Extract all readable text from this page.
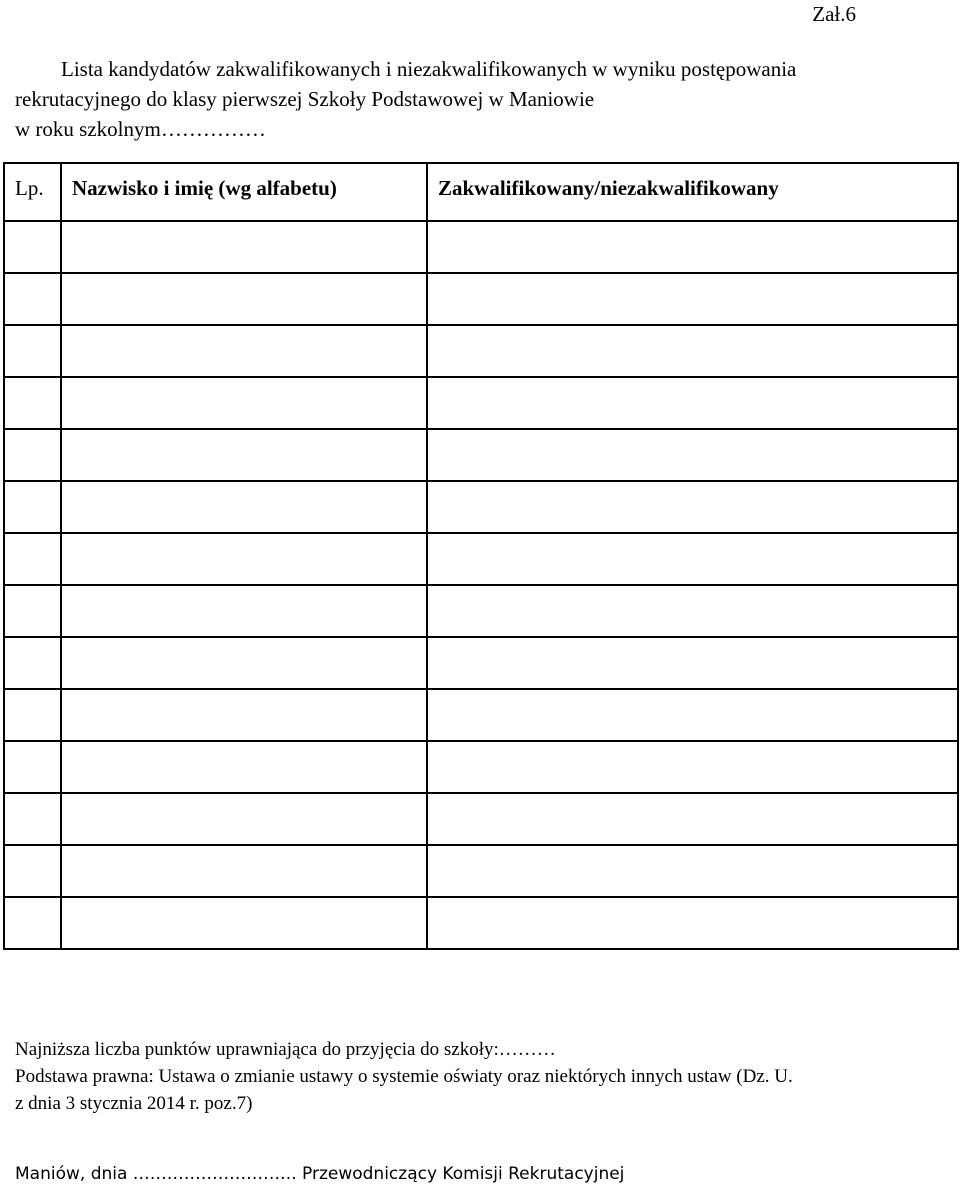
Zał.6
Lista kandydatów zakwalifikowanych i niezakwalifikowanych w wyniku postępowania
rekrutacyjnego do klasy pierwszej Szkoły Podstawowej w Maniowie
w roku szkolnym……………
Lp.	Nazwisko i imię (wg alfabetu)	Zakwalifikowany/niezakwalifikowany

Najniższa liczba punktów uprawniająca do przyjęcia do szkoły:………
Podstawa prawna: Ustawa o zmianie ustawy o systemie oświaty oraz niektórych innych ustaw (Dz. U.
z dnia 3 stycznia 2014 r. poz.7)
Maniów, dnia ……………………….. Przewodniczący Komisji Rekrutacyjnej
